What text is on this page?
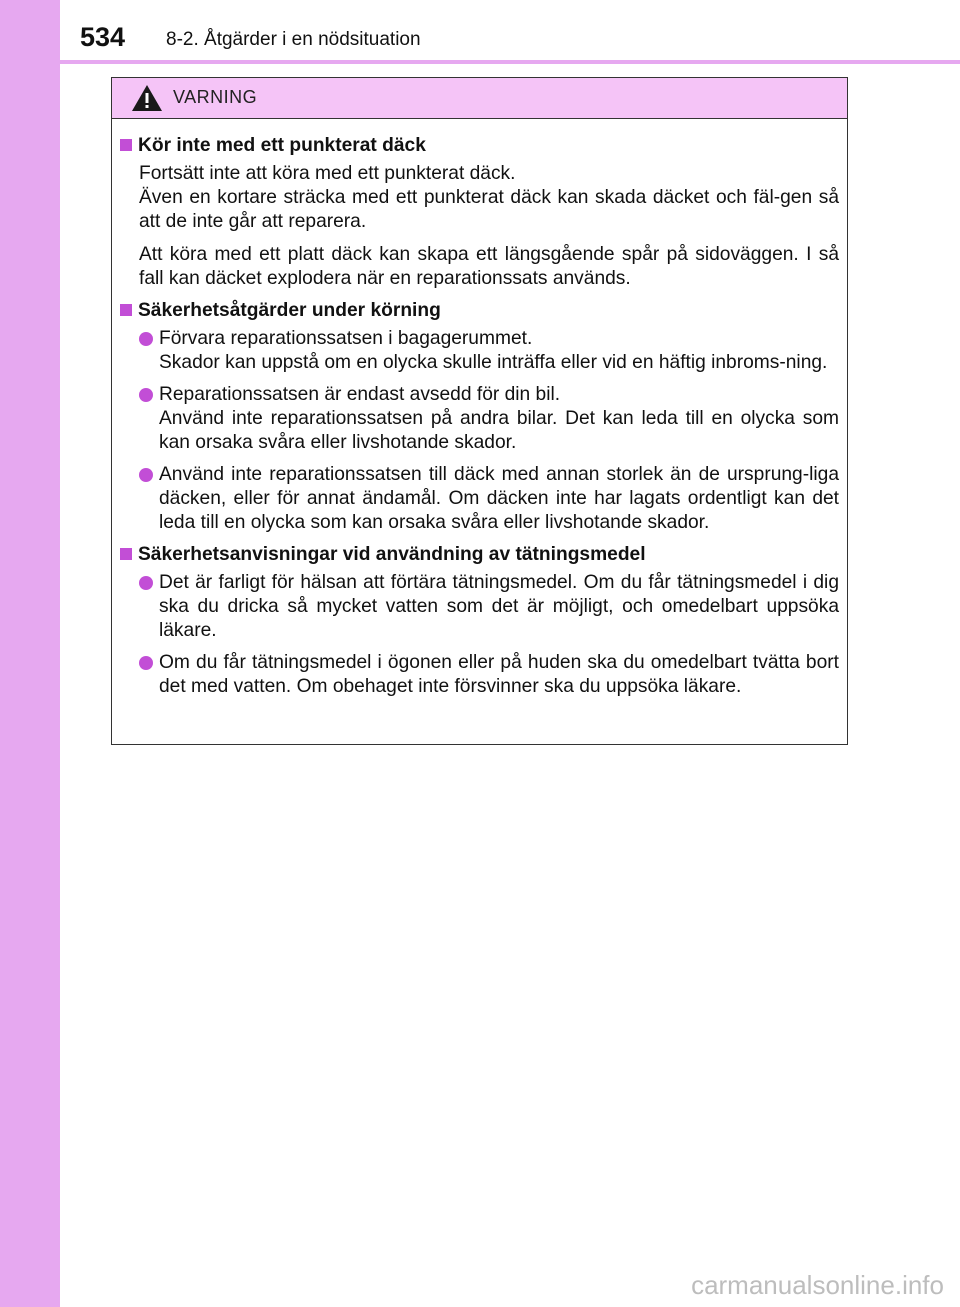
534 8-2. Åtgärder i en nödsituation
VARNING
Kör inte med ett punkterat däck
Fortsätt inte att köra med ett punkterat däck.
Även en kortare sträcka med ett punkterat däck kan skada däcket och fäl-gen så att de inte går att reparera.
Att köra med ett platt däck kan skapa ett längsgående spår på sidoväggen. I så fall kan däcket explodera när en reparationssats används.
Säkerhetsåtgärder under körning
Förvara reparationssatsen i bagagerummet.
Skador kan uppstå om en olycka skulle inträffa eller vid en häftig inbroms-ning.
Reparationssatsen är endast avsedd för din bil.
Använd inte reparationssatsen på andra bilar. Det kan leda till en olycka som kan orsaka svåra eller livshotande skador.
Använd inte reparationssatsen till däck med annan storlek än de ursprung-liga däcken, eller för annat ändamål. Om däcken inte har lagats ordentligt kan det leda till en olycka som kan orsaka svåra eller livshotande skador.
Säkerhetsanvisningar vid användning av tätningsmedel
Det är farligt för hälsan att förtära tätningsmedel. Om du får tätningsmedel i dig ska du dricka så mycket vatten som det är möjligt, och omedelbart uppsöka läkare.
Om du får tätningsmedel i ögonen eller på huden ska du omedelbart tvätta bort det med vatten. Om obehaget inte försvinner ska du uppsöka läkare.
carmanualsonline.info
